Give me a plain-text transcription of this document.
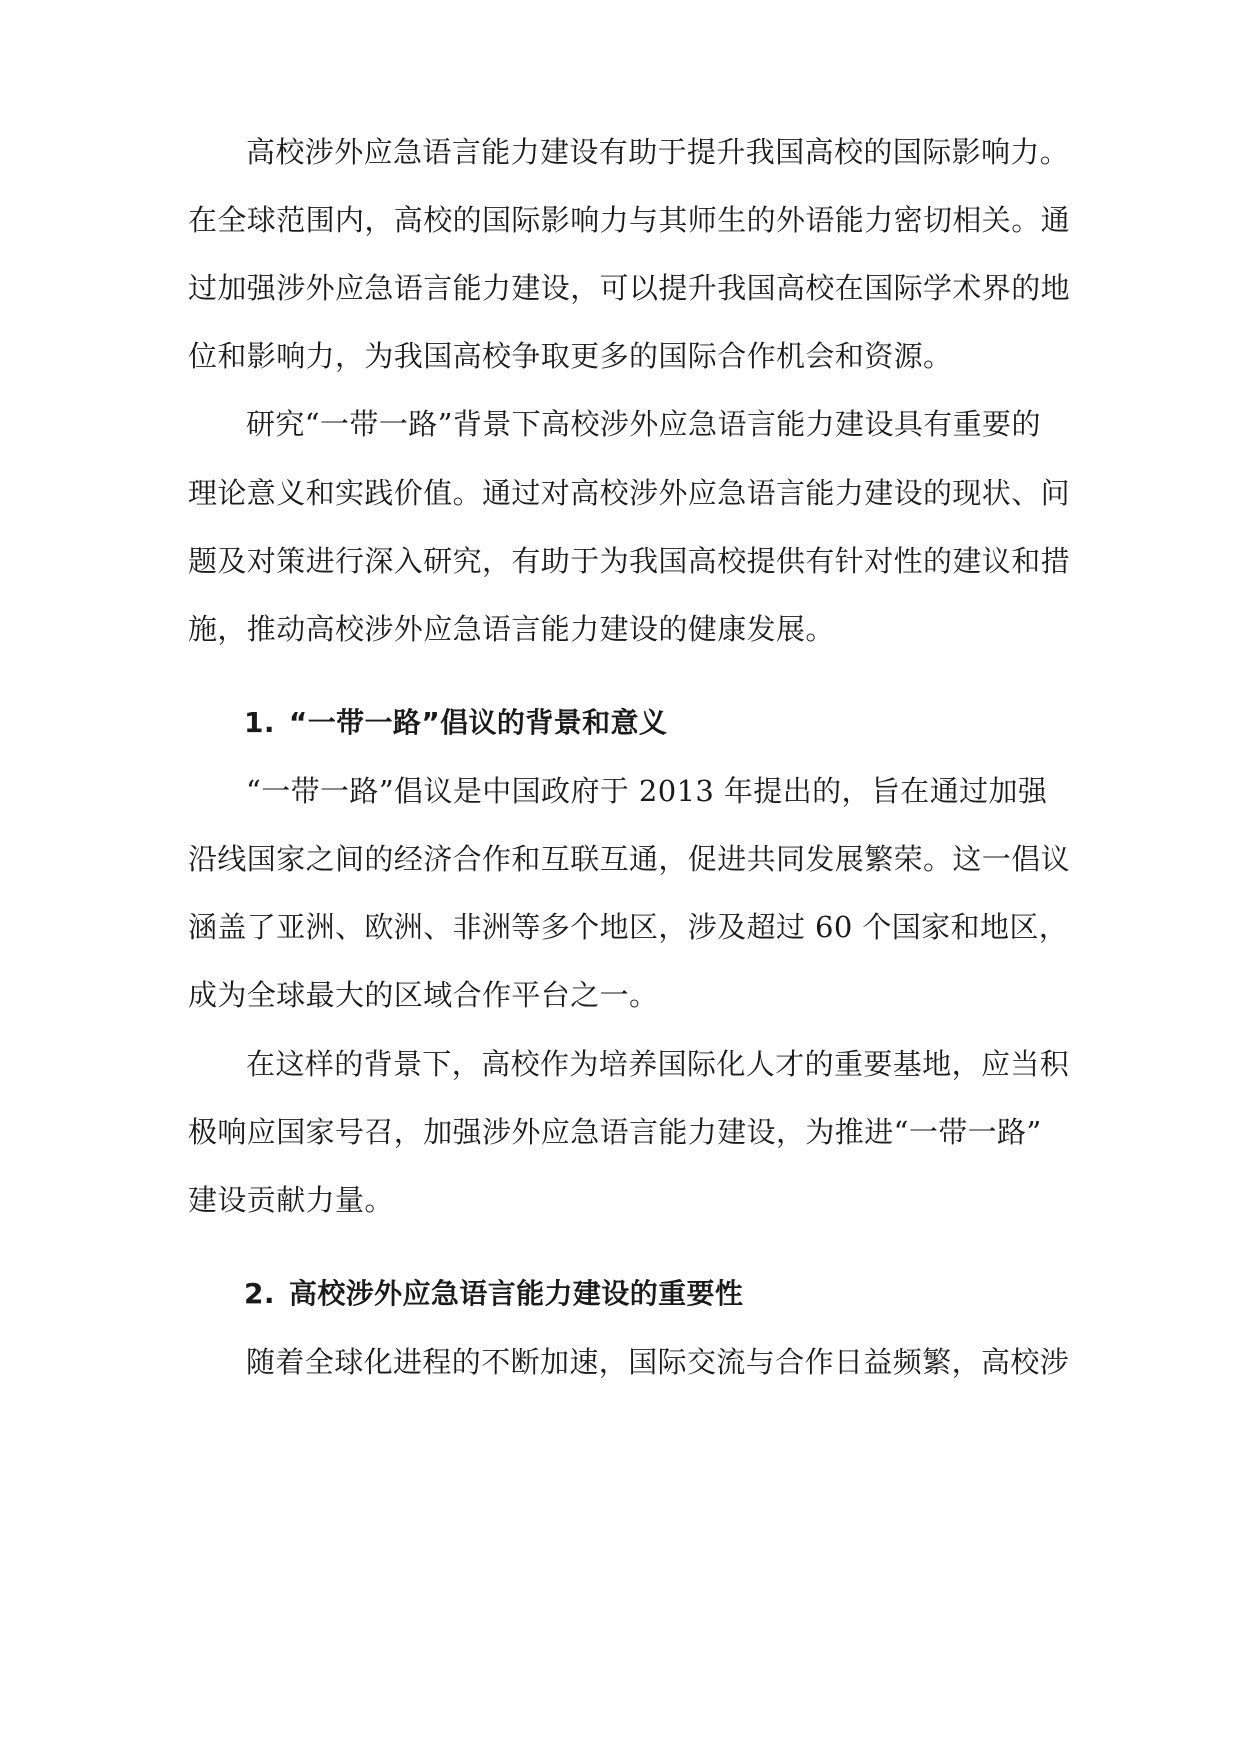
高校涉外应急语言能力建设有助于提升我国高校的国际影响力。
在全球范围内，高校的国际影响力与其师生的外语能力密切相关。通
过加强涉外应急语言能力建设，可以提升我国高校在国际学术界的地
位和影响力，为我国高校争取更多的国际合作机会和资源。
研究“一带一路”背景下高校涉外应急语言能力建设具有重要的
理论意义和实践价值。通过对高校涉外应急语言能力建设的现状、问
题及对策进行深入研究，有助于为我国高校提供有针对性的建议和措
施，推动高校涉外应急语言能力建设的健康发展。
1. “一带一路”倡议的背景和意义
“一带一路”倡议是中国政府于 2013 年提出的，旨在通过加强
沿线国家之间的经济合作和互联互通，促进共同发展繁荣。这一倡议
涵盖了亚洲、欧洲、非洲等多个地区，涉及超过 60 个国家和地区，
成为全球最大的区域合作平台之一。
在这样的背景下，高校作为培养国际化人才的重要基地，应当积
极响应国家号召，加强涉外应急语言能力建设，为推进“一带一路”
建设贡献力量。
2. 高校涉外应急语言能力建设的重要性
随着全球化进程的不断加速，国际交流与合作日益频繁，高校涉
